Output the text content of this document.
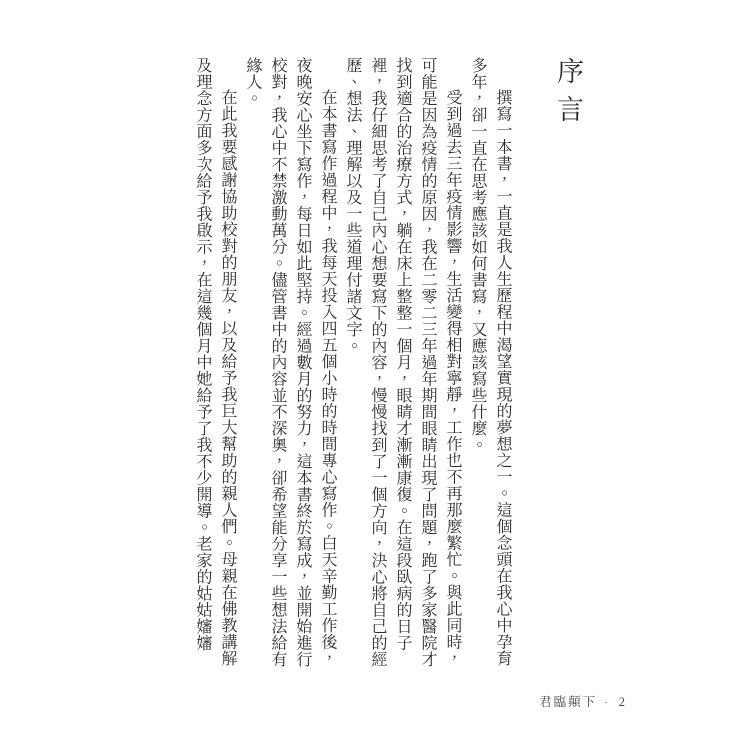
序言

撰寫一本書，一直是我人生歷程中渴望實現的夢想之一。這個念頭在我心中孕育多年，卻一直在思考應該如何書寫，又應該寫些什麼。

受到過去三年疫情影響，生活變得相對寧靜，工作也不再那麼繁忙。與此同時，可能是因為疫情的原因，我在二零二三年過年期間眼睛出現了問題，跑了多家醫院才找到適合的治療方式，躺在床上整整一個月，眼睛才漸漸康復。在這段臥病的日子裡，我仔細思考了自己內心想要寫下的內容，慢慢找到了一個方向，決心將自己的經歷、想法、理解以及一些道理付諸文字。

在本書寫作過程中，我每天投入四五個小時的時間專心寫作。白天辛勤工作後，夜晚安心坐下寫作，每日如此堅持。經過數月的努力，這本書終於寫成，並開始進行校對，我心中不禁激動萬分。儘管書中的內容並不深奧，卻希望能分享一些想法給有緣人。

在此我要感謝協助校對的朋友，以及給予我巨大幫助的親人們。母親在佛教講解及理念方面多次給予我啟示，在這幾個月中她給予了我不少開導。老家的姑姑嬸嬸

君臨顛下 · 2
